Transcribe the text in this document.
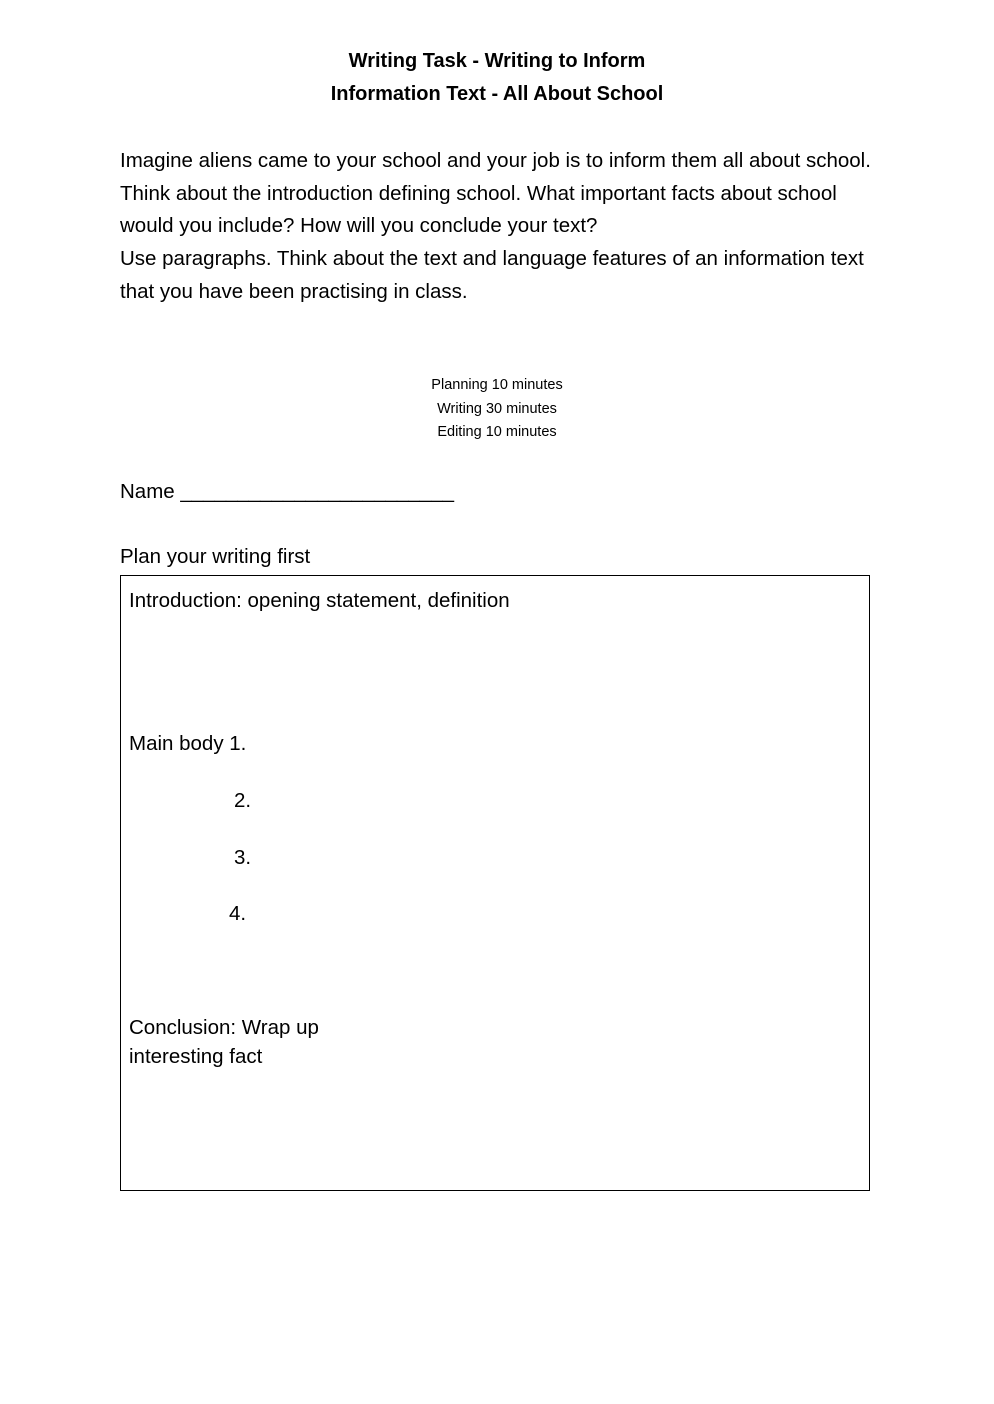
Writing Task - Writing to Inform
Information Text - All About School

Imagine aliens came to your school and your job is to inform them all about school.

Think about the introduction defining school. What important facts about school would you include? How will you conclude your text?

Use paragraphs. Think about the text and language features of an information text that you have been practising in class.

Planning 10 minutes
Writing 30 minutes
Editing 10 minutes
Name ________________________
Plan your writing first
Introduction: opening statement, definition
Main body 1.
2.
3.
4.
Conclusion: Wrap up
interesting fact
